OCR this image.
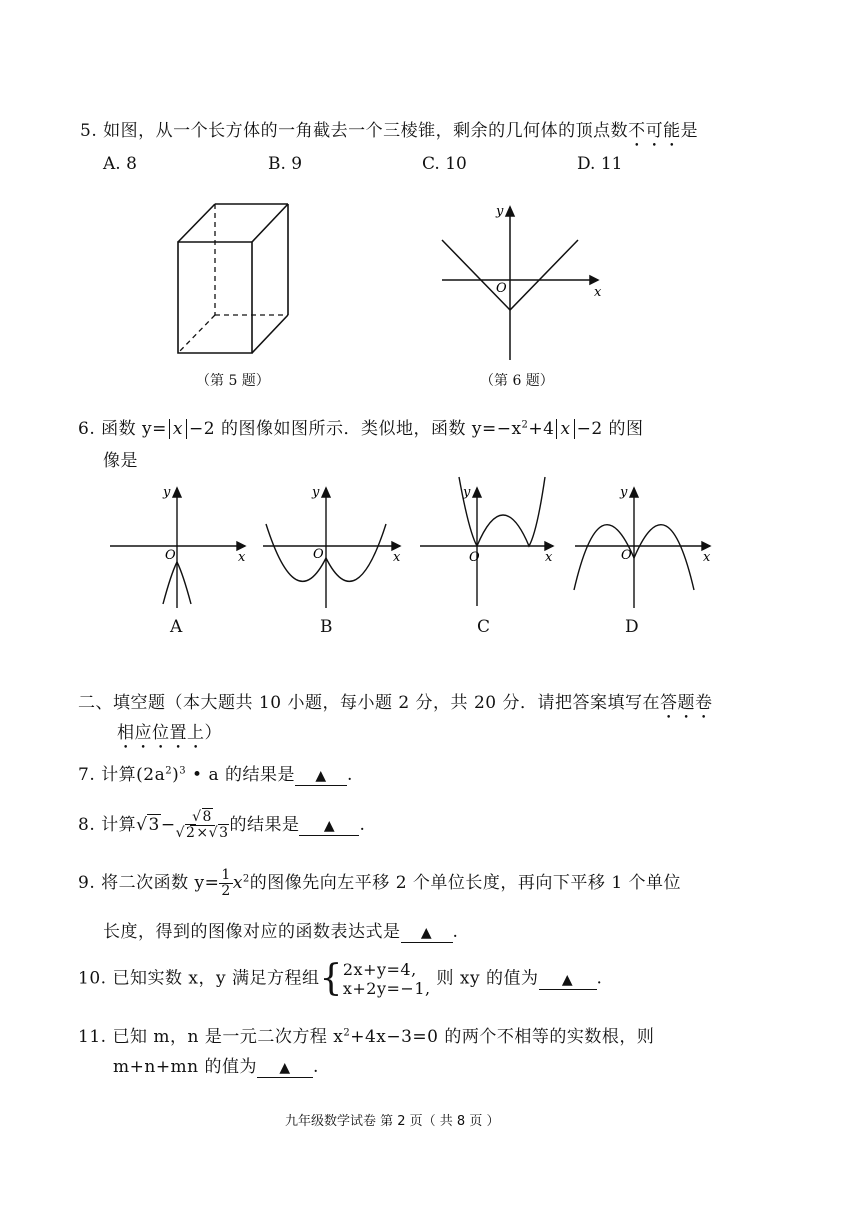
5. 如图，从一个长方体的一角截去一个三棱锥，剩余的几何体的顶点数不可能是
A. 8	B. 9	C. 10	D. 11
（第 5 题）
y
x
O
（第 6 题）
6. 函数 y= x −2 的图像如图所示．类似地，函数 $y=-x^2+4$ x −2 的图
像是
y
x
O
y
x
O
y
x
O
y
x
O
A	B	C	D
二、填空题（本大题共 10 小题，每小题 2 分，共 20 分．请把答案填写在答题卷
相应位置上）
7. 计算$(2a^2)^3$ • a 的结果是 ▲ .
8. 计算$√3- \frac{√8}{√2\times√3}$ 的结果是 ▲ .
9. 将二次函数 $y= \frac{1}{2} x^2$的图像先向左平移 2 个单位长度，再向下平移 1 个单位
长度，得到的图像对应的函数表达式是 ▲ .
10. 已知实数 x，y 满足方程组{ 2x+y=4,
x+2y=−1, 则 xy 的值为 ▲ .
11. 已知 m，n 是一元二次方程 $x^2+4x-3=0$ 的两个不相等的实数根，则
m+n+mn 的值为 ▲ .
九年级数学试卷 第 2 页（ 共 8 页 ）
